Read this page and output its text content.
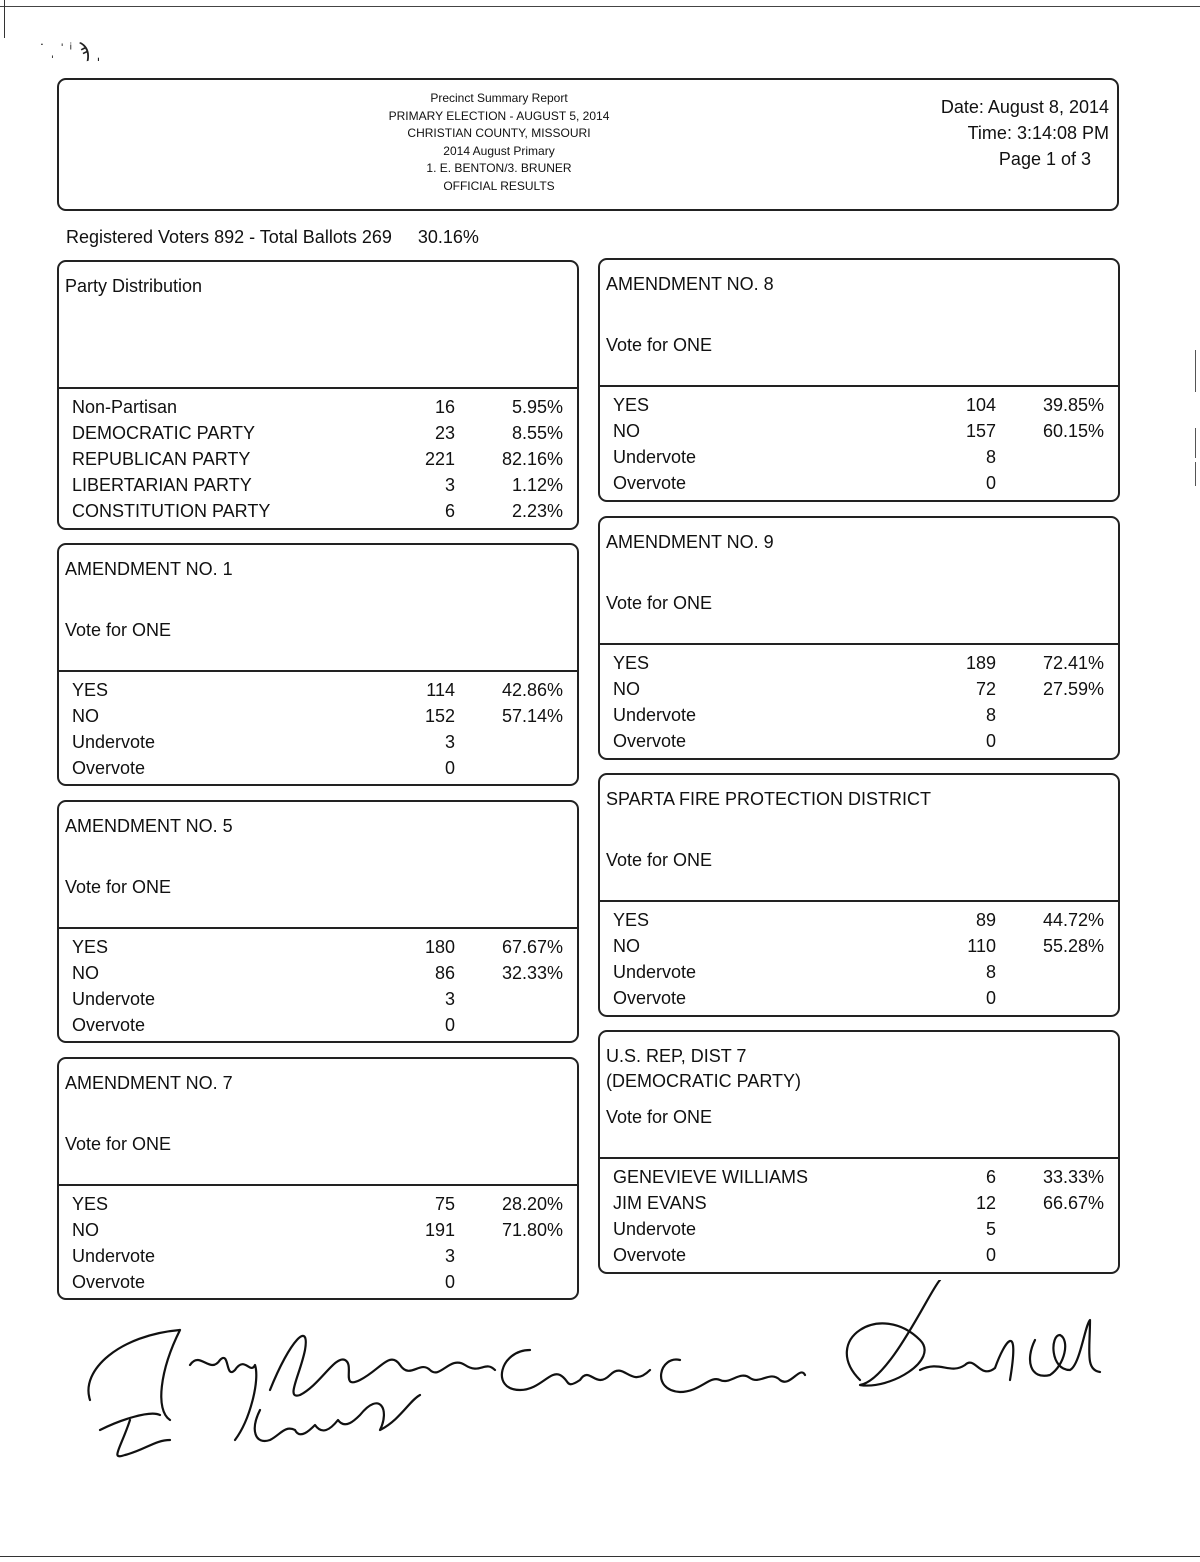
˙ ˌ ˈ ⁱ ϡ ˌ
Precinct Summary Report
PRIMARY ELECTION - AUGUST 5, 2014
CHRISTIAN COUNTY, MISSOURI
2014 August Primary
1. E. BENTON/3. BRUNER
OFFICIAL RESULTS
Date: August 8, 2014
Time: 3:14:08 PM
Page 1 of 3
Registered Voters 892 - Total Ballots 269 30.16%
Party Distribution
Non-Partisan	16	5.95%
DEMOCRATIC PARTY	23	8.55%
REPUBLICAN PARTY	221	82.16%
LIBERTARIAN PARTY	3	1.12%
CONSTITUTION PARTY	6	2.23%
AMENDMENT NO. 1
Vote for ONE
YES	114	42.86%
NO	152	57.14%
Undervote	3
Overvote	0
AMENDMENT NO. 5
Vote for ONE
YES	180	67.67%
NO	86	32.33%
Undervote	3
Overvote	0
AMENDMENT NO. 7
Vote for ONE
YES	75	28.20%
NO	191	71.80%
Undervote	3
Overvote	0
AMENDMENT NO. 8
Vote for ONE
YES	104	39.85%
NO	157	60.15%
Undervote	8
Overvote	0
AMENDMENT NO. 9
Vote for ONE
YES	189	72.41%
NO	72	27.59%
Undervote	8
Overvote	0
SPARTA FIRE PROTECTION DISTRICT
Vote for ONE
YES	89	44.72%
NO	110	55.28%
Undervote	8
Overvote	0
U.S. REP, DIST 7
(DEMOCRATIC PARTY)
Vote for ONE
GENEVIEVE WILLIAMS	6	33.33%
JIM EVANS	12	66.67%
Undervote	5
Overvote	0
